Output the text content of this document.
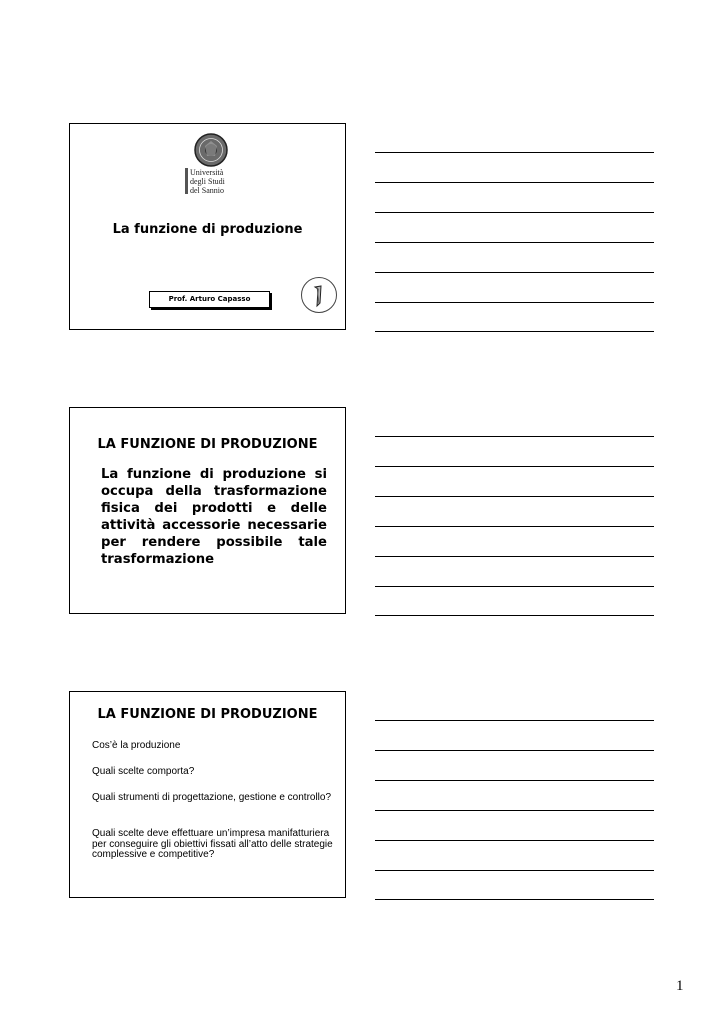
Università
degli Studi
del Sannio
La funzione di produzione
Prof. Arturo Capasso
LA FUNZIONE DI PRODUZIONE
La funzione di produzione si occupa della trasformazione fisica dei prodotti e delle attività accessorie necessarie per rendere possibile tale trasformazione
LA FUNZIONE DI PRODUZIONE
Cos’è la produzione
Quali scelte comporta?
Quali strumenti di progettazione, gestione e controllo?
Quali scelte deve effettuare un’impresa manifatturiera per conseguire gli obiettivi fissati all’atto delle strategie complessive e competitive?
1
